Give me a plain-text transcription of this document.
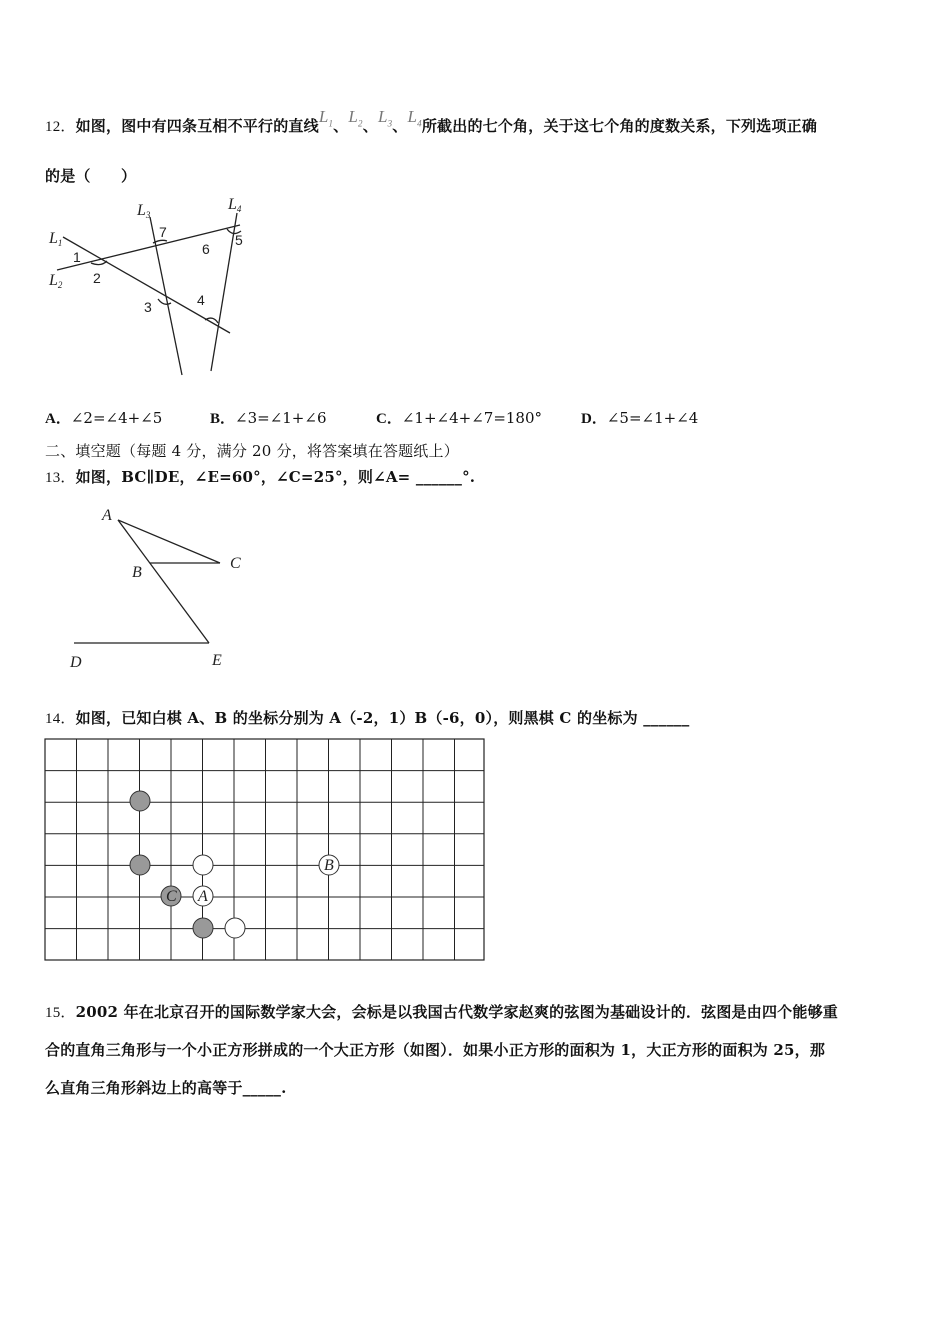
12．如图，图中有四条互相不平行的直线$L_1$、$L_2$、$L_3$、$L_4$所截出的七个角，关于这七个角的度数关系，下列选项正确
的是（　　）
L1
L2
L3
L4
1
2
3	4
5
6
7
A．∠2=∠4+∠5	B．∠3=∠1+∠6	C．∠1+∠4+∠7=180°	D．∠5=∠1+∠4
二、填空题（每题 4 分，满分 20 分，将答案填在答题纸上）
13．如图，BC∥DE，∠E=60°，∠C=25°，则∠A= ______°.
A
B
C
D	E
14．如图，已知白棋 A、B 的坐标分别为 A（-2，1）B（-6，0），则黑棋 C 的坐标为 ______
C A
B
15．2002 年在北京召开的国际数学家大会，会标是以我国古代数学家赵爽的弦图为基础设计的．弦图是由四个能够重
合的直角三角形与一个小正方形拼成的一个大正方形（如图）．如果小正方形的面积为 1，大正方形的面积为 25，那
么直角三角形斜边上的高等于_____.
